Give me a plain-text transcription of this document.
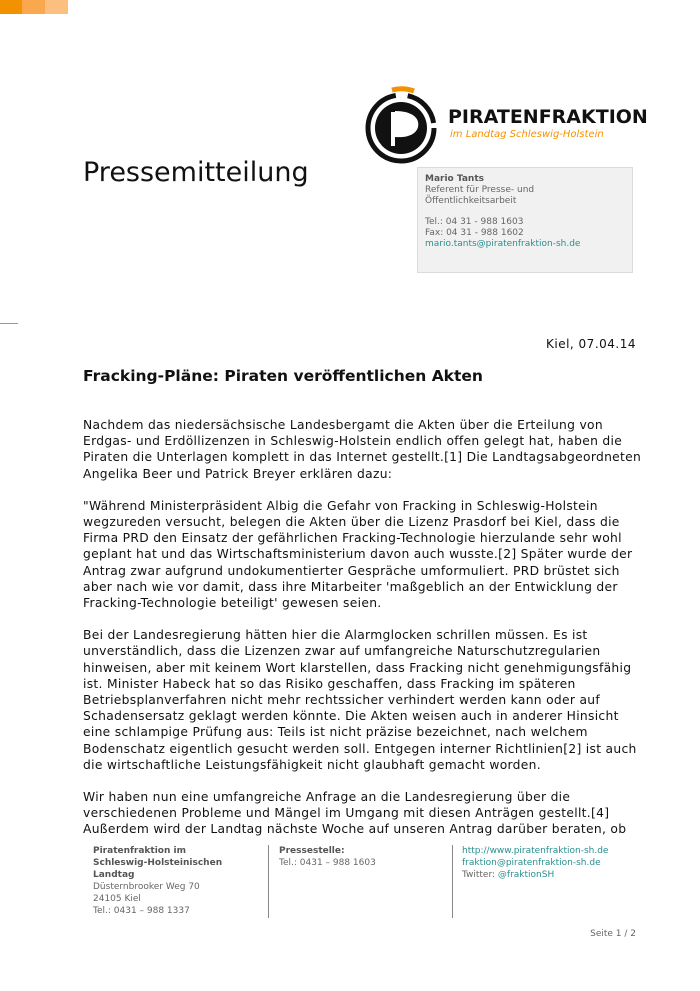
PIRATENFRAKTION
im Landtag Schleswig-Holstein
Pressemitteilung	Mario Tants
Referent für Presse- und
Öffentlichkeitsarbeit
Tel.: 04 31 - 988 1603
Fax: 04 31 - 988 1602
mario.tants@piratenfraktion-sh.de
Kiel, 07.04.14
Fracking-Pläne: Piraten veröffentlichen Akten

Nachdem das niedersächsische Landesbergamt die Akten über die Erteilung von Erdgas- und Erdöllizenzen in Schleswig-Holstein endlich offen gelegt hat, haben die Piraten die Unterlagen komplett in das Internet gestellt.[1] Die Landtagsabgeordneten Angelika Beer und Patrick Breyer erklären dazu:

"Während Ministerpräsident Albig die Gefahr von Fracking in Schleswig-Holstein wegzureden versucht, belegen die Akten über die Lizenz Prasdorf bei Kiel, dass die Firma PRD den Einsatz der gefährlichen Fracking-Technologie hierzulande sehr wohl geplant hat und das Wirtschaftsministerium davon auch wusste.[2] Später wurde der Antrag zwar aufgrund undokumentierter Gespräche umformuliert. PRD brüstet sich aber nach wie vor damit, dass ihre Mitarbeiter 'maßgeblich an der Entwicklung der Fracking-Technologie beteiligt' gewesen seien.

Bei der Landesregierung hätten hier die Alarmglocken schrillen müssen. Es ist unverständlich, dass die Lizenzen zwar auf umfangreiche Naturschutzregularien hinweisen, aber mit keinem Wort klarstellen, dass Fracking nicht genehmigungsfähig ist. Minister Habeck hat so das Risiko geschaffen, dass Fracking im späteren Betriebsplanverfahren nicht mehr rechtssicher verhindert werden kann oder auf Schadensersatz geklagt werden könnte. Die Akten weisen auch in anderer Hinsicht eine schlampige Prüfung aus: Teils ist nicht präzise bezeichnet, nach welchem Bodenschatz eigentlich gesucht werden soll. Entgegen interner Richtlinien[2] ist auch die wirtschaftliche Leistungsfähigkeit nicht glaubhaft gemacht worden.

Wir haben nun eine umfangreiche Anfrage an die Landesregierung über die verschiedenen Probleme und Mängel im Umgang mit diesen Anträgen gestellt.[4] Außerdem wird der Landtag nächste Woche auf unseren Antrag darüber beraten, ob

Piratenfraktion im
Schleswig-Holsteinischen
Landtag
Düsternbrooker Weg 70
24105 Kiel
Tel.: 0431 – 988 1337
Pressestelle:
Tel.: 0431 – 988 1603
http://www.piratenfraktion-sh.de
fraktion@piratenfraktion-sh.de
Twitter: @fraktionSH
Seite 1 / 2
